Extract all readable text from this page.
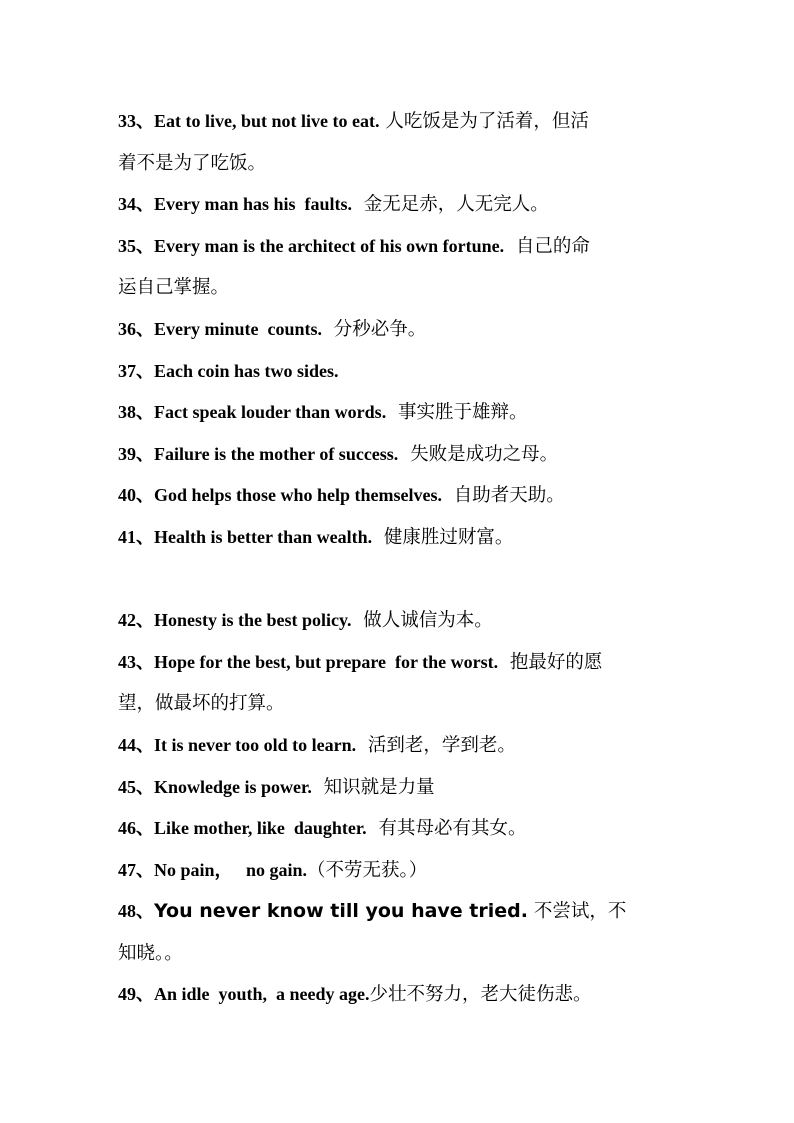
33、Eat to live, but not live to eat. 人吃饭是为了活着，但活
着不是为了吃饭。
34、Every man has his  faults.  金无足赤，人无完人。
35、Every man is the architect of his own fortune.  自己的命
运自己掌握。
36、Every minute  counts.  分秒必争。
37、Each coin has two sides.
38、Fact speak louder than words.  事实胜于雄辩。
39、Failure is the mother of success.  失败是成功之母。
40、God helps those who help themselves.  自助者天助。
41、Health is better than wealth.  健康胜过财富。
42、Honesty is the best policy.  做人诚信为本。
43、Hope for the best, but prepare  for the worst.  抱最好的愿
望，做最坏的打算。
44、It is never too old to learn.  活到老，学到老。
45、Knowledge is power.  知识就是力量
46、Like mother, like  daughter.  有其母必有其女。
47、No pain，   no gain.（不劳无获。）
48、You never know till you have tried. 不尝试，不
知晓。。
49、An idle  youth,  a needy age.少壮不努力，老大徒伤悲。
